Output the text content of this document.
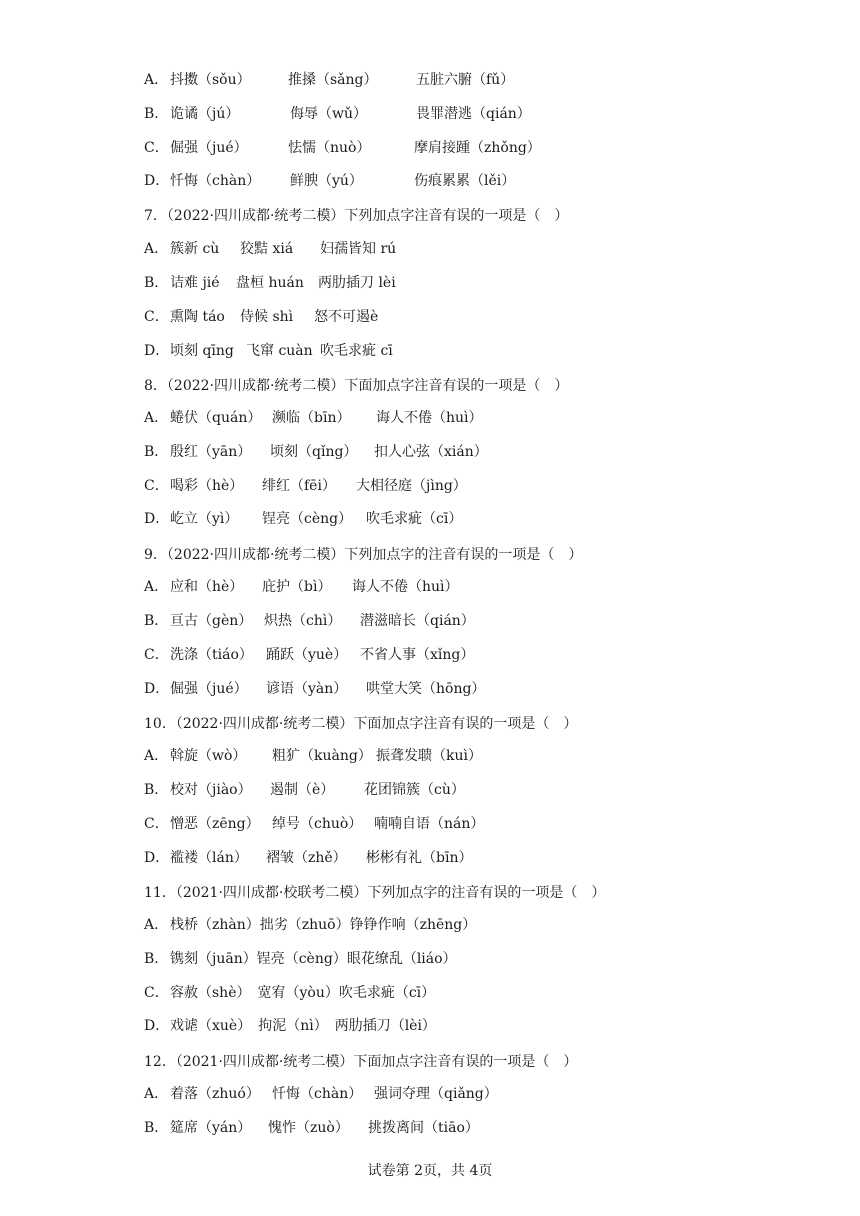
A． 抖擞（sǒu）	推搡（sǎng）	五脏六腑（fǔ）
B． 诡谲（jú）	侮辱（wǔ）	畏罪潜逃（qián）
C． 倔强（jué）	怯懦（nuò）	摩肩接踵（zhǒng）
D． 忏悔（chàn） 鲜腴（yú）	伤痕累累（lěi）
7．（2022·四川成都·统考二模）下列加点字注音有误的一项是（　）
A． 簇新 cù 狡黠 xiá 妇孺皆知 rú
B． 诘难 jié 盘桓 huán 两肋插刀 lèi
C． 熏陶 táo 侍候 shì 怒不可遏è
D． 顷刻 qīng 飞窜 cuàn 吹毛求疵 cī
8．（2022·四川成都·统考二模）下面加点字注音有误的一项是（　）
A． 蜷伏（quán） 濒临（bīn） 诲人不倦（huì）
B． 殷红（yān） 顷刻（qǐng） 扣人心弦（xián）
C． 喝彩（hè） 绯红（fēi） 大相径庭（jìng）
D． 屹立（yì） 锃亮（cèng） 吹毛求疵（cī）
9．（2022·四川成都·统考二模）下列加点字的注音有误的一项是（　）
A． 应和（hè） 庇护（bì） 诲人不倦（huì）
B． 亘古（gèn） 炽热（chì） 潜滋暗长（qián）
C． 洗涤（tiáo） 踊跃（yuè） 不省人事（xǐng）
D． 倔强（jué） 谚语（yàn） 哄堂大笑（hōng）
10．（2022·四川成都·统考二模）下面加点字注音有误的一项是（　）
A． 斡旋（wò） 粗犷（kuàng） 振聋发聩（kuì）
B． 校对（jiào） 遏制（è） 花团锦簇（cù）
C． 憎恶（zēng） 绰号（chuò） 喃喃自语（nán）
D． 褴褛（lán） 褶皱（zhě） 彬彬有礼（bīn）
11．（2021·四川成都·校联考二模）下列加点字的注音有误的一项是（　）
A． 栈桥（zhàn）拙劣（zhuō）铮铮作响（zhēng）
B． 镌刻（juān）锃亮（cèng）眼花缭乱（liáo）
C． 容赦（shè）　宽宥（yòu）吹毛求疵（cī）
D． 戏谑（xuè）　拘泥（nì）　两肋插刀（lèi）
12．（2021·四川成都·统考二模）下面加点字注音有误的一项是（　）
A． 着落（zhuó） 忏悔（chàn） 强词夺理（qiǎng）
B． 筵席（yán） 愧怍（zuò） 挑拨离间（tiāo）
试卷第 2页，共 4页
